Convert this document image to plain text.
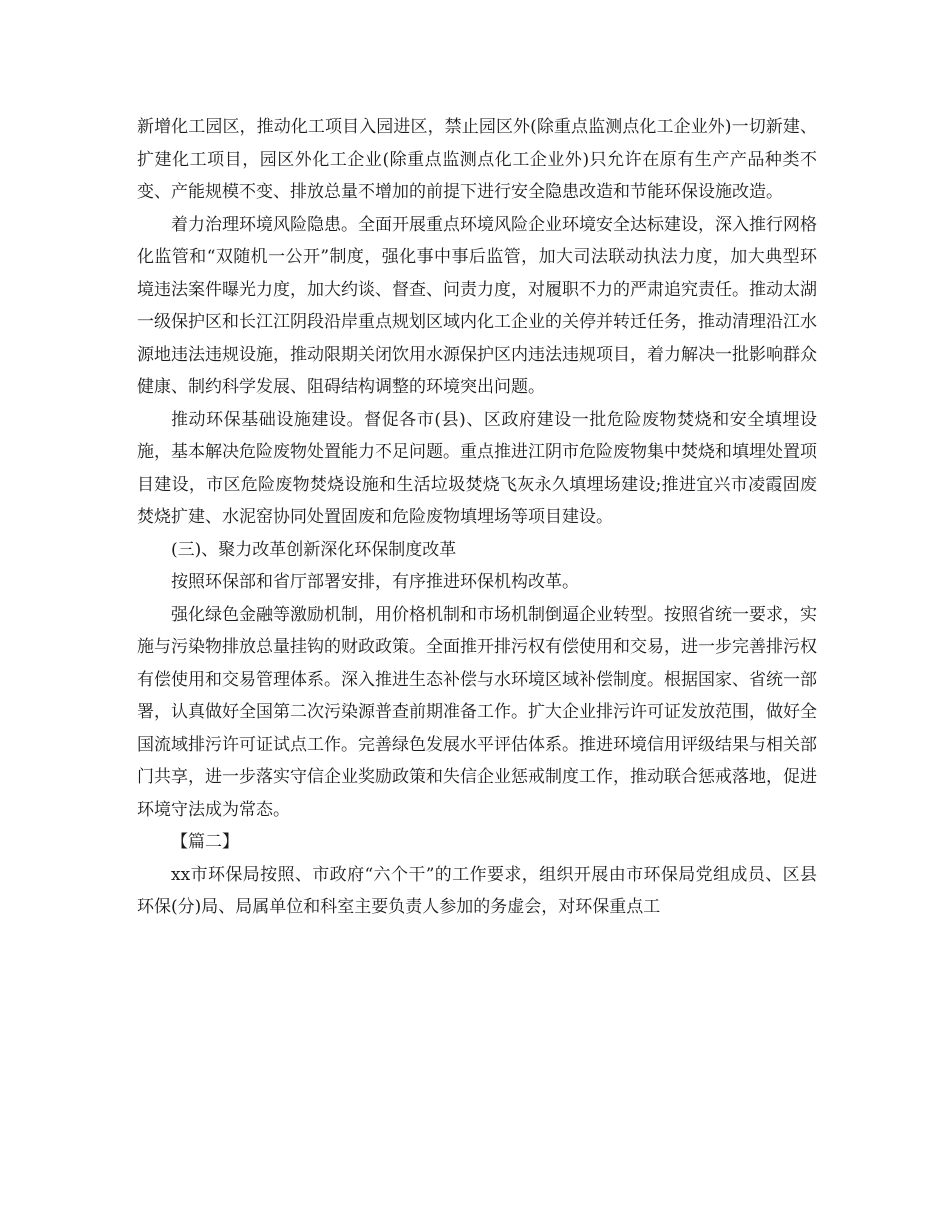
新增化工园区，推动化工项目入园进区，禁止园区外(除重点监测点化工企业外)一切新建、扩建化工项目，园区外化工企业(除重点监测点化工企业外)只允许在原有生产产品种类不变、产能规模不变、排放总量不增加的前提下进行安全隐患改造和节能环保设施改造。

着力治理环境风险隐患。全面开展重点环境风险企业环境安全达标建设，深入推行网格化监管和“双随机一公开”制度，强化事中事后监管，加大司法联动执法力度，加大典型环境违法案件曝光力度，加大约谈、督查、问责力度，对履职不力的严肃追究责任。推动太湖一级保护区和长江江阴段沿岸重点规划区域内化工企业的关停并转迁任务，推动清理沿江水源地违法违规设施，推动限期关闭饮用水源保护区内违法违规项目，着力解决一批影响群众健康、制约科学发展、阻碍结构调整的环境突出问题。

推动环保基础设施建设。督促各市(县)、区政府建设一批危险废物焚烧和安全填埋设施，基本解决危险废物处置能力不足问题。重点推进江阴市危险废物集中焚烧和填埋处置项目建设，市区危险废物焚烧设施和生活垃圾焚烧飞灰永久填埋场建设;推进宜兴市凌霞固废焚烧扩建、水泥窑协同处置固废和危险废物填埋场等项目建设。

(三)、聚力改革创新深化环保制度改革

按照环保部和省厅部署安排，有序推进环保机构改革。

强化绿色金融等激励机制，用价格机制和市场机制倒逼企业转型。按照省统一要求，实施与污染物排放总量挂钩的财政政策。全面推开排污权有偿使用和交易，进一步完善排污权有偿使用和交易管理体系。深入推进生态补偿与水环境区域补偿制度。根据国家、省统一部署，认真做好全国第二次污染源普查前期准备工作。扩大企业排污许可证发放范围，做好全国流域排污许可证试点工作。完善绿色发展水平评估体系。推进环境信用评级结果与相关部门共享，进一步落实守信企业奖励政策和失信企业惩戒制度工作，推动联合惩戒落地，促进环境守法成为常态。

【篇二】

xx市环保局按照、市政府“六个干”的工作要求，组织开展由市环保局党组成员、区县环保(分)局、局属单位和科室主要负责人参加的务虚会，对环保重点工
